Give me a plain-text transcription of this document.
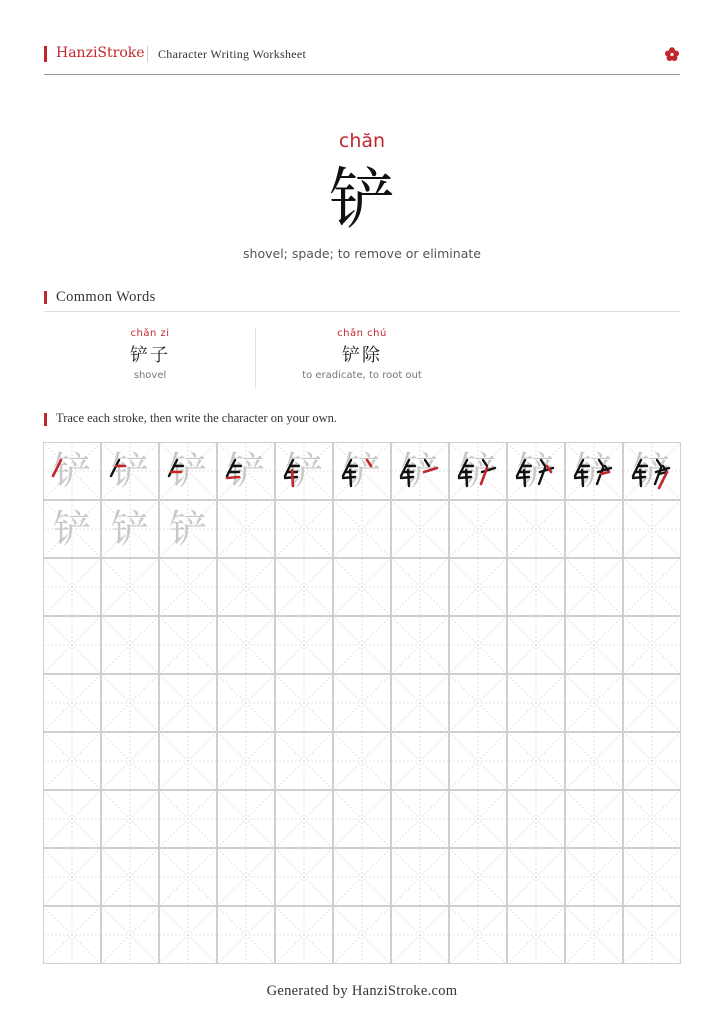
HanziStroke Character Writing Worksheet
chăn
铲
shovel; spade; to remove or eliminate
Common Words
chǎn zi
铲子
shovel
chǎn chú
铲除
to eradicate, to root out
Trace each stroke, then write the character on your own.
铲 铲 铲 铲 铲 铲 铲 铲 铲 铲 铲
铲 铲 铲
Generated by HanziStroke.com
